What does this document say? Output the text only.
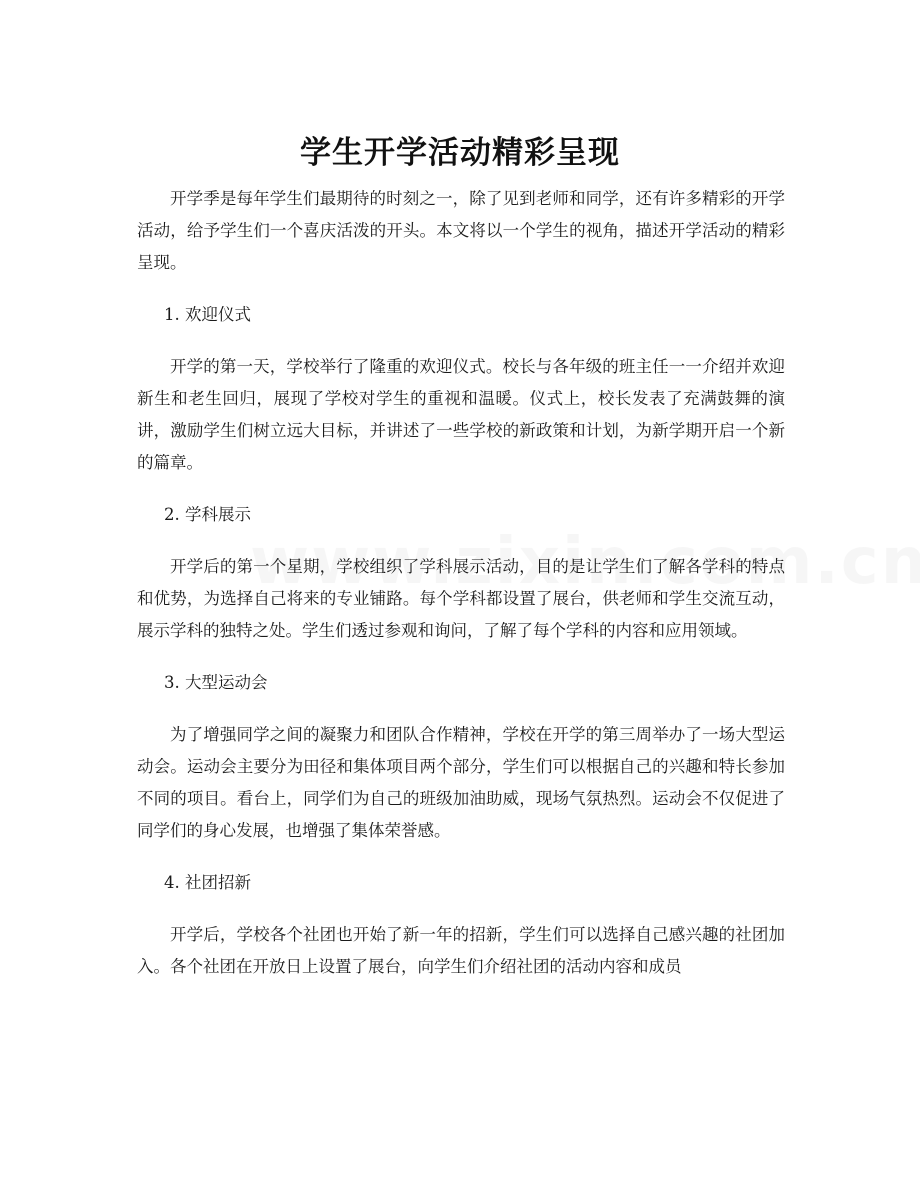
学生开学活动精彩呈现

开学季是每年学生们最期待的时刻之一，除了见到老师和同学，还有许多精彩的开学活动，给予学生们一个喜庆活泼的开头。本文将以一个学生的视角，描述开学活动的精彩呈现。

1. 欢迎仪式

开学的第一天，学校举行了隆重的欢迎仪式。校长与各年级的班主任一一介绍并欢迎新生和老生回归，展现了学校对学生的重视和温暖。仪式上，校长发表了充满鼓舞的演讲，激励学生们树立远大目标，并讲述了一些学校的新政策和计划，为新学期开启一个新的篇章。

2. 学科展示

开学后的第一个星期，学校组织了学科展示活动，目的是让学生们了解各学科的特点和优势，为选择自己将来的专业铺路。每个学科都设置了展台，供老师和学生交流互动，展示学科的独特之处。学生们透过参观和询问，了解了每个学科的内容和应用领域。

3. 大型运动会

为了增强同学之间的凝聚力和团队合作精神，学校在开学的第三周举办了一场大型运动会。运动会主要分为田径和集体项目两个部分，学生们可以根据自己的兴趣和特长参加不同的项目。看台上，同学们为自己的班级加油助威，现场气氛热烈。运动会不仅促进了同学们的身心发展，也增强了集体荣誉感。

4. 社团招新

开学后，学校各个社团也开始了新一年的招新，学生们可以选择自己感兴趣的社团加入。各个社团在开放日上设置了展台，向学生们介绍社团的活动内容和成员
